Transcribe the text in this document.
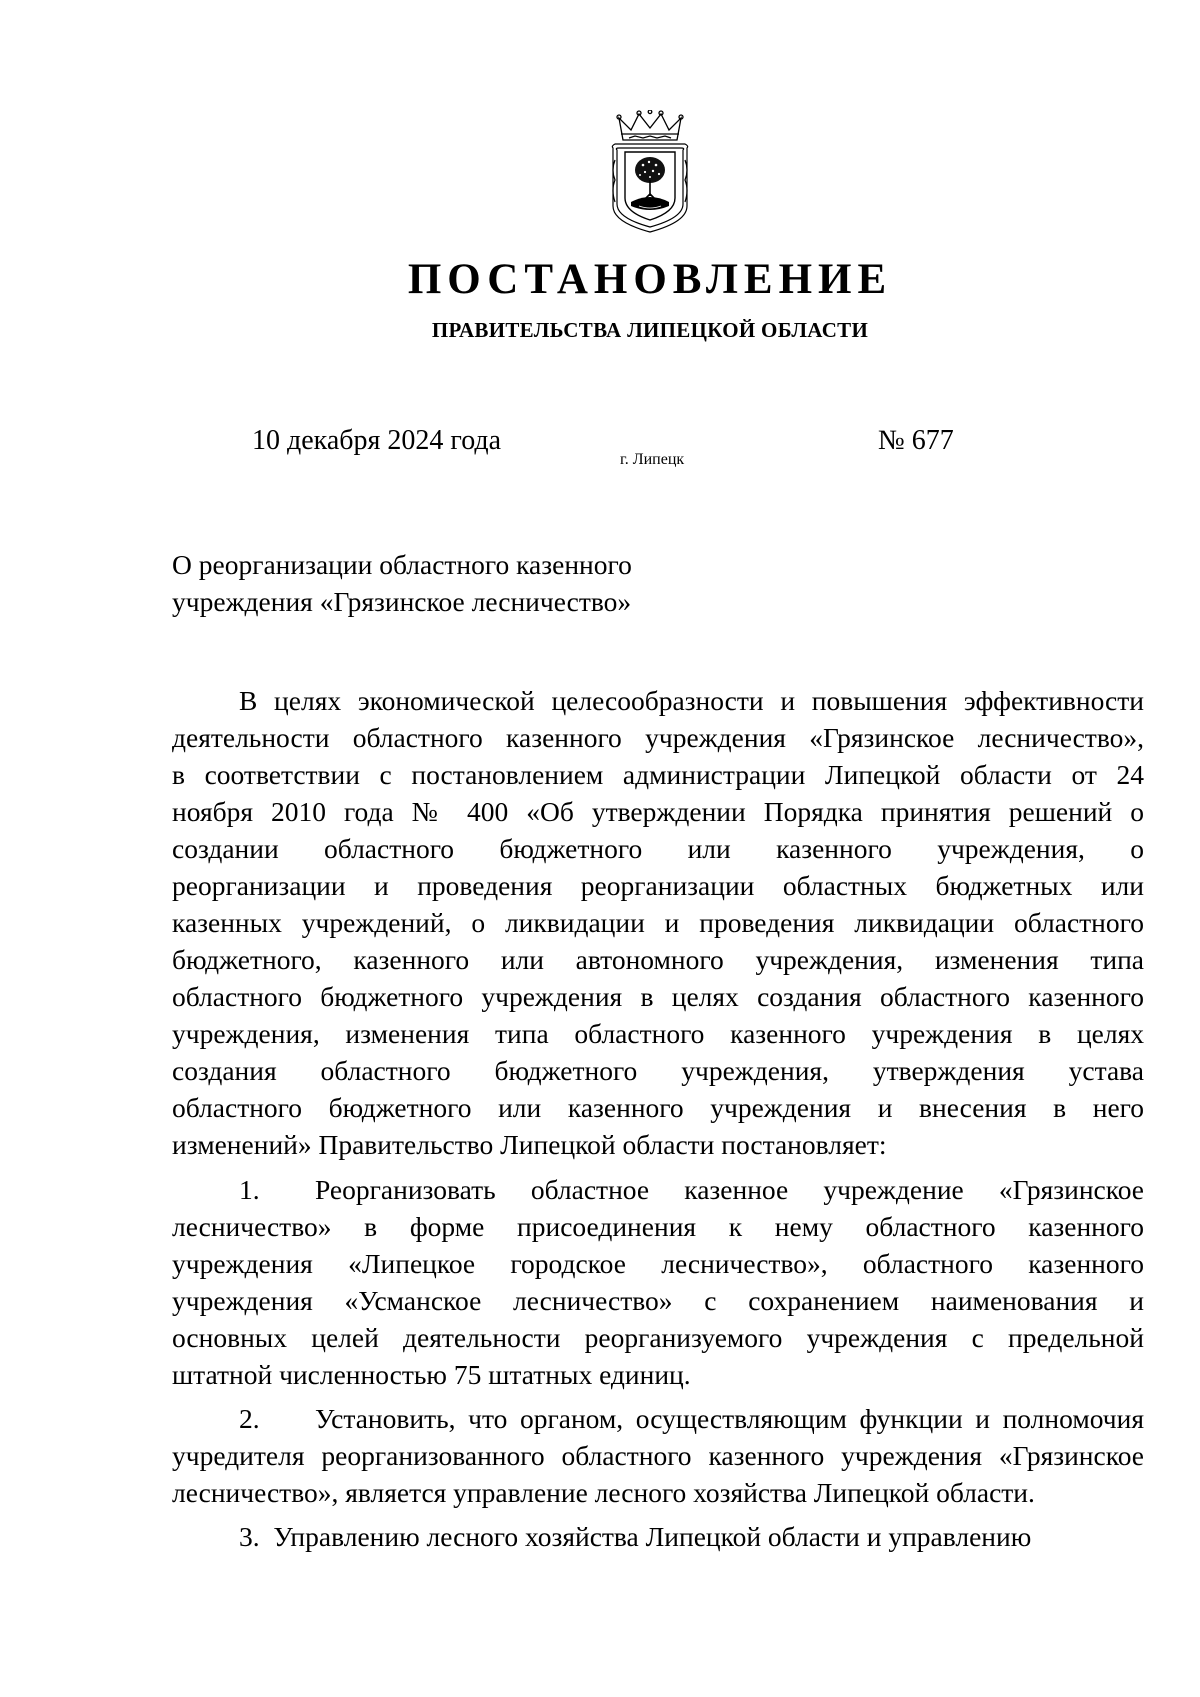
ПОСТАНОВЛЕНИЕ
ПРАВИТЕЛЬСТВА ЛИПЕЦКОЙ ОБЛАСТИ
10 декабря 2024 года
г. Липецк
№ 677
О реорганизации областного казенного
учреждения «Грязинское лесничество»
В целях экономической целесообразности и повышения эффективности
деятельности областного казенного учреждения «Грязинское лесничество»,
в соответствии с постановлением администрации Липецкой области от 24
ноября 2010 года № 400 «Об утверждении Порядка принятия решений о
создании областного бюджетного или казенного учреждения, о
реорганизации и проведения реорганизации областных бюджетных или
казенных учреждений, о ликвидации и проведения ликвидации областного
бюджетного, казенного или автономного учреждения, изменения типа
областного бюджетного учреждения в целях создания областного казенного
учреждения, изменения типа областного казенного учреждения в целях
создания областного бюджетного учреждения, утверждения устава
областного бюджетного или казенного учреждения и внесения в него
изменений» Правительство Липецкой области постановляет:
1. Реорганизовать областное казенное учреждение «Грязинское
лесничество» в форме присоединения к нему областного казенного
учреждения «Липецкое городское лесничество», областного казенного
учреждения «Усманское лесничество» с сохранением наименования и
основных целей деятельности реорганизуемого учреждения с предельной
штатной численностью 75 штатных единиц.
2. Установить, что органом, осуществляющим функции и полномочия
учредителя реорганизованного областного казенного учреждения «Грязинское
лесничество», является управление лесного хозяйства Липецкой области.
3. Управлению лесного хозяйства Липецкой области и управлению
